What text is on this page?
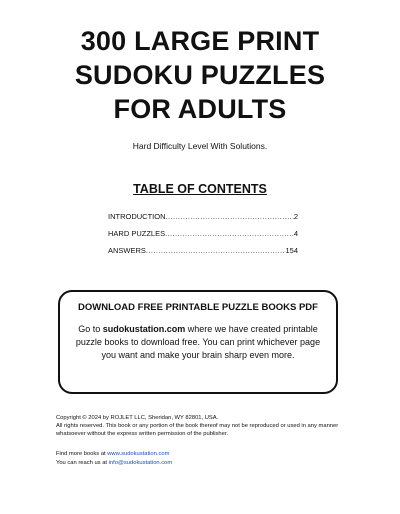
300 LARGE PRINT
SUDOKU PUZZLES
FOR ADULTS
Hard Difficulty Level With Solutions.
TABLE OF CONTENTS
INTRODUCTION .....	2
HARD PUZZLES .....	4
ANSWERS .....	154
DOWNLOAD FREE PRINTABLE PUZZLE BOOKS PDF
Go to sudokustation.com where we have created printable puzzle books to download free. You can print whichever page you want and make your brain sharp even more.

Copyright © 2024 by ROJLET LLC, Sheridan, WY 82801, USA.

All rights reserved. This book or any portion of the book thereof may not be reproduced or used in any manner whatsoever without the express written permission of the publisher.

Find more books at www.sudokustation.com
You can reach us at info@sudokustation.com
